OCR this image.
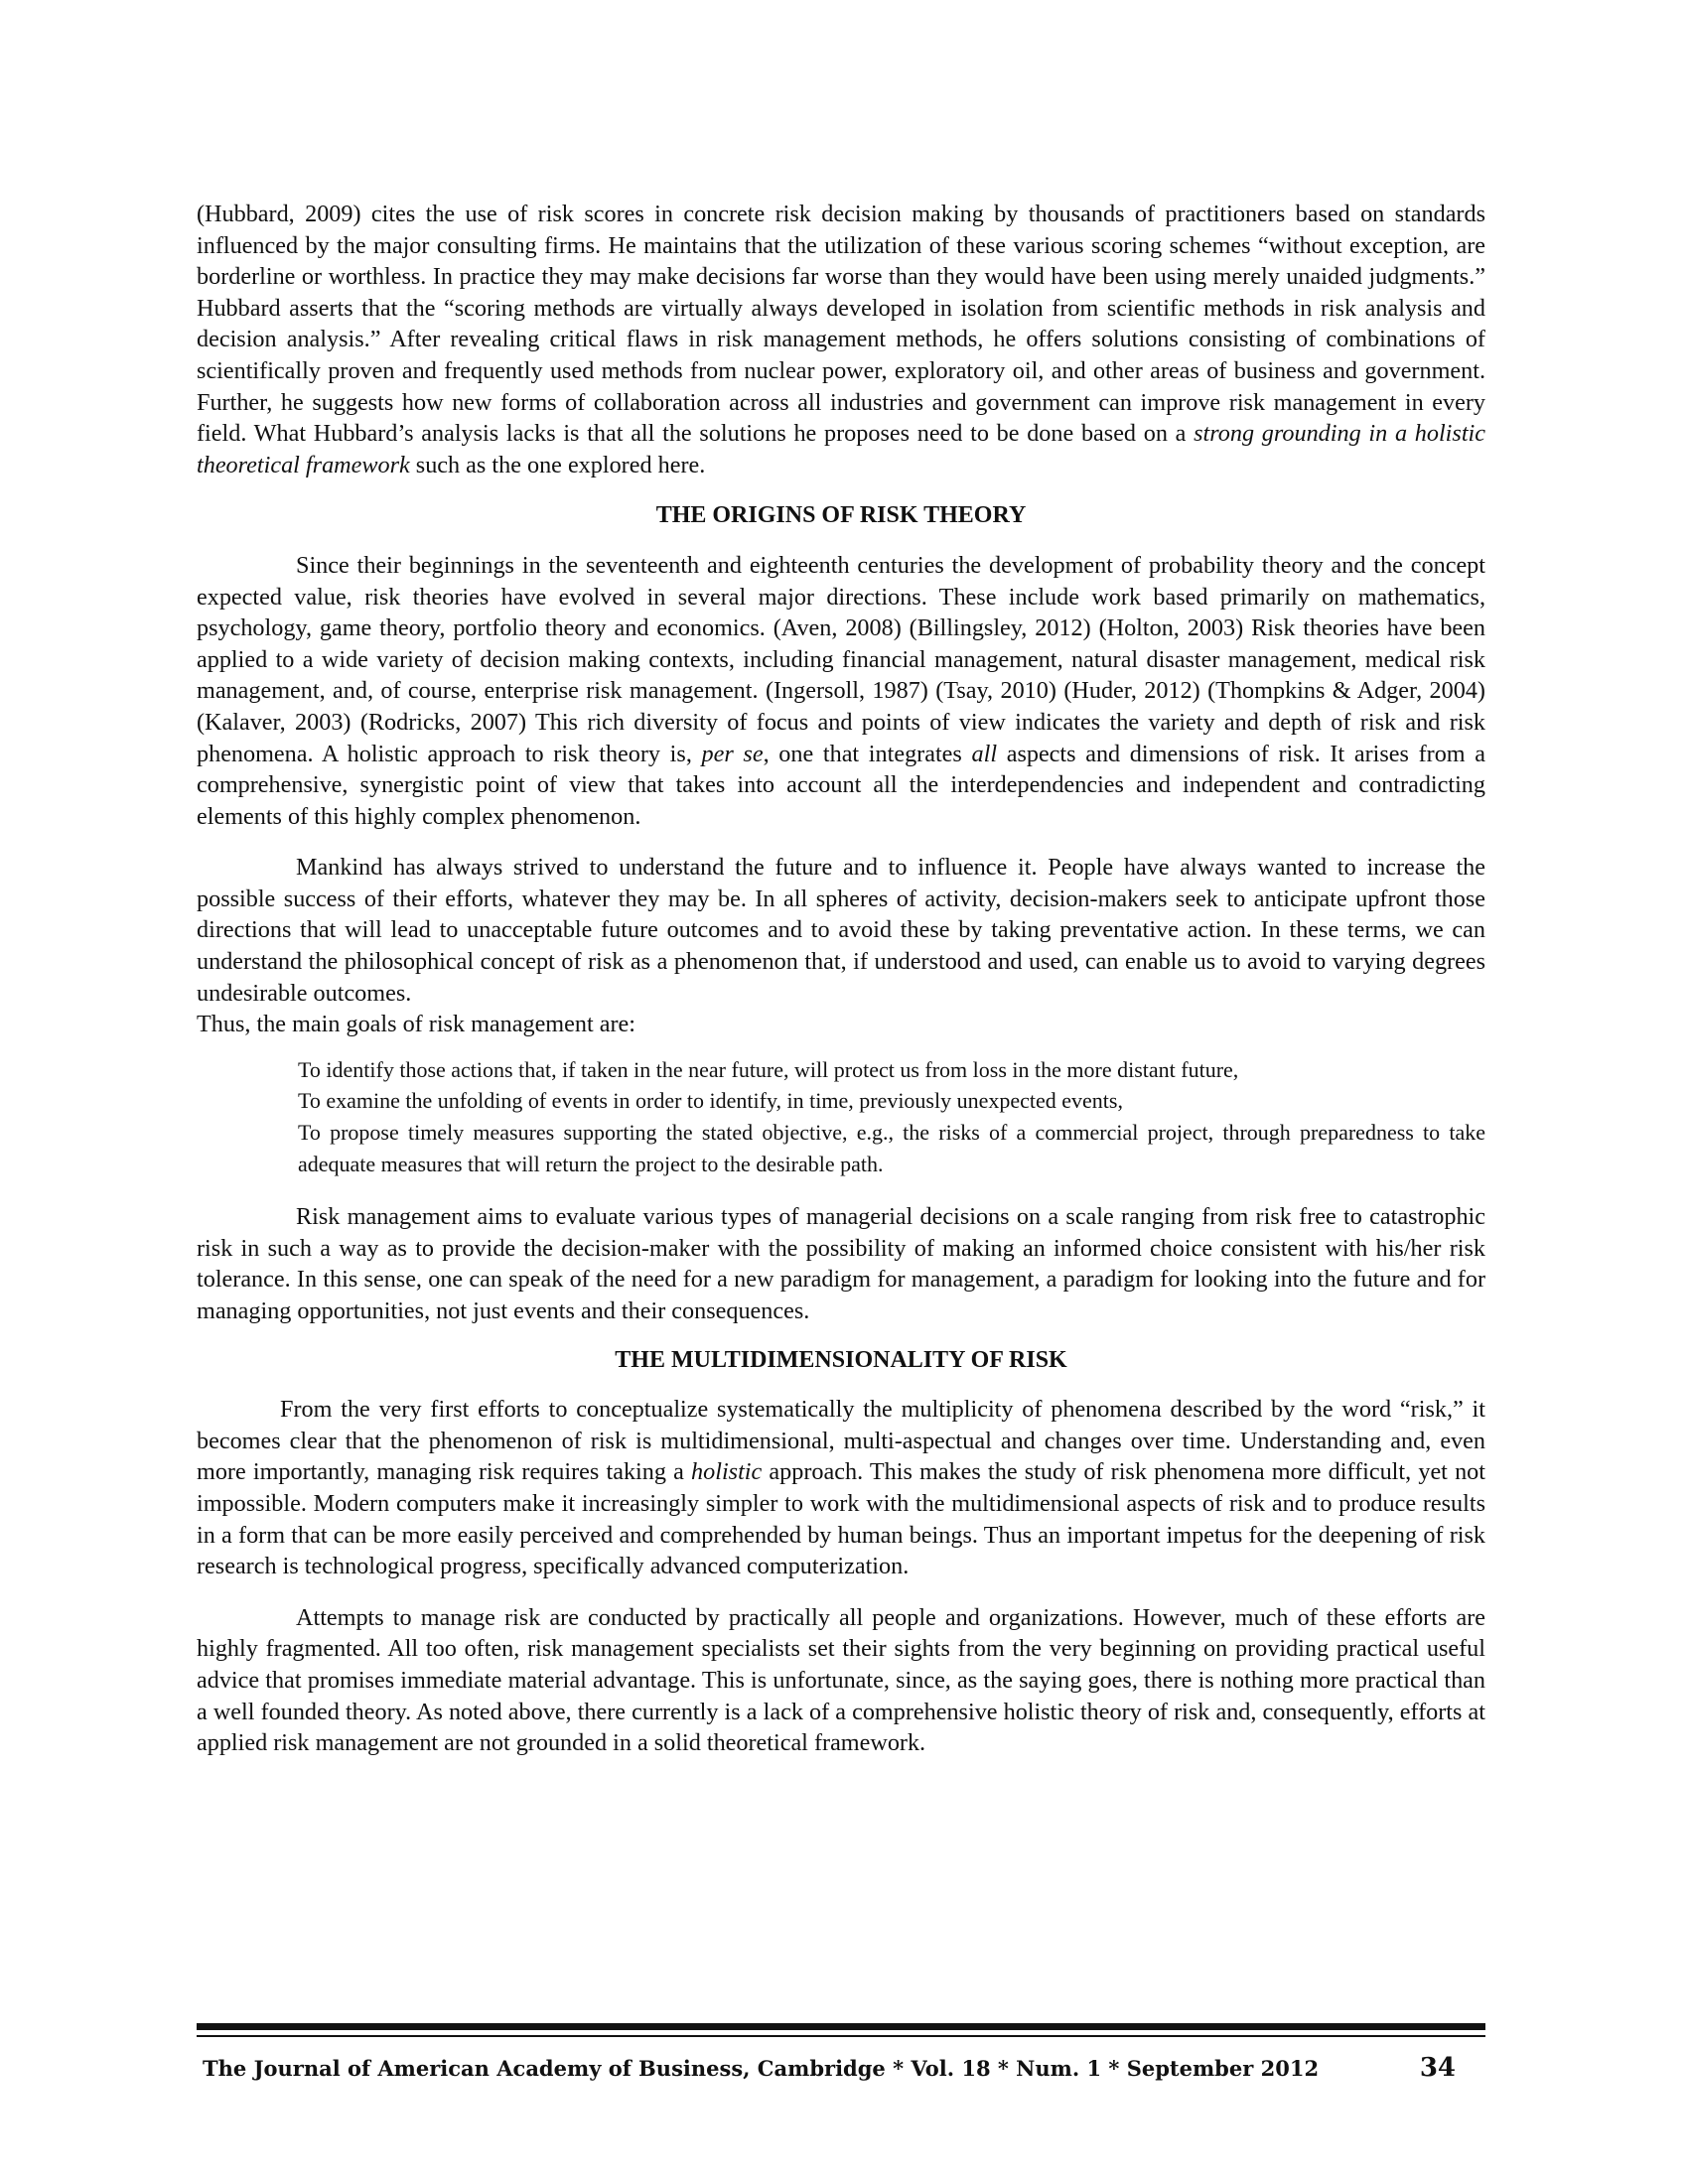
(Hubbard, 2009) cites the use of risk scores in concrete risk decision making by thousands of practitioners based on standards influenced by the major consulting firms. He maintains that the utilization of these various scoring schemes “without exception, are borderline or worthless. In practice they may make decisions far worse than they would have been using merely unaided judgments.” Hubbard asserts that the “scoring methods are virtually always developed in isolation from scientific methods in risk analysis and decision analysis.” After revealing critical flaws in risk management methods, he offers solutions consisting of combinations of scientifically proven and frequently used methods from nuclear power, exploratory oil, and other areas of business and government. Further, he suggests how new forms of collaboration across all industries and government can improve risk management in every field. What Hubbard’s analysis lacks is that all the solutions he proposes need to be done based on a strong grounding in a holistic theoretical framework such as the one explored here.

THE ORIGINS OF RISK THEORY

Since their beginnings in the seventeenth and eighteenth centuries the development of probability theory and the concept expected value, risk theories have evolved in several major directions. These include work based primarily on mathematics, psychology, game theory, portfolio theory and economics. (Aven, 2008) (Billingsley, 2012) (Holton, 2003) Risk theories have been applied to a wide variety of decision making contexts, including financial management, natural disaster management, medical risk management, and, of course, enterprise risk management. (Ingersoll, 1987) (Tsay, 2010) (Huder, 2012) (Thompkins & Adger, 2004) (Kalaver, 2003) (Rodricks, 2007) This rich diversity of focus and points of view indicates the variety and depth of risk and risk phenomena. A holistic approach to risk theory is, per se, one that integrates all aspects and dimensions of risk. It arises from a comprehensive, synergistic point of view that takes into account all the interdependencies and independent and contradicting elements of this highly complex phenomenon.

Mankind has always strived to understand the future and to influence it. People have always wanted to increase the possible success of their efforts, whatever they may be. In all spheres of activity, decision-makers seek to anticipate upfront those directions that will lead to unacceptable future outcomes and to avoid these by taking preventative action. In these terms, we can understand the philosophical concept of risk as a phenomenon that, if understood and used, can enable us to avoid to varying degrees undesirable outcomes.

Thus, the main goals of risk management are:

To identify those actions that, if taken in the near future, will protect us from loss in the more distant future,
To examine the unfolding of events in order to identify, in time, previously unexpected events,
To propose timely measures supporting the stated objective, e.g., the risks of a commercial project, through preparedness to take adequate measures that will return the project to the desirable path.

Risk management aims to evaluate various types of managerial decisions on a scale ranging from risk free to catastrophic risk in such a way as to provide the decision-maker with the possibility of making an informed choice consistent with his/her risk tolerance. In this sense, one can speak of the need for a new paradigm for management, a paradigm for looking into the future and for managing opportunities, not just events and their consequences.

THE MULTIDIMENSIONALITY OF RISK

From the very first efforts to conceptualize systematically the multiplicity of phenomena described by the word “risk,” it becomes clear that the phenomenon of risk is multidimensional, multi-aspectual and changes over time. Understanding and, even more importantly, managing risk requires taking a holistic approach. This makes the study of risk phenomena more difficult, yet not impossible. Modern computers make it increasingly simpler to work with the multidimensional aspects of risk and to produce results in a form that can be more easily perceived and comprehended by human beings. Thus an important impetus for the deepening of risk research is technological progress, specifically advanced computerization.

Attempts to manage risk are conducted by practically all people and organizations. However, much of these efforts are highly fragmented. All too often, risk management specialists set their sights from the very beginning on providing practical useful advice that promises immediate material advantage. This is unfortunate, since, as the saying goes, there is nothing more practical than a well founded theory. As noted above, there currently is a lack of a comprehensive holistic theory of risk and, consequently, efforts at applied risk management are not grounded in a solid theoretical framework.

The Journal of American Academy of Business, Cambridge * Vol. 18 * Num. 1 * September 2012	34
